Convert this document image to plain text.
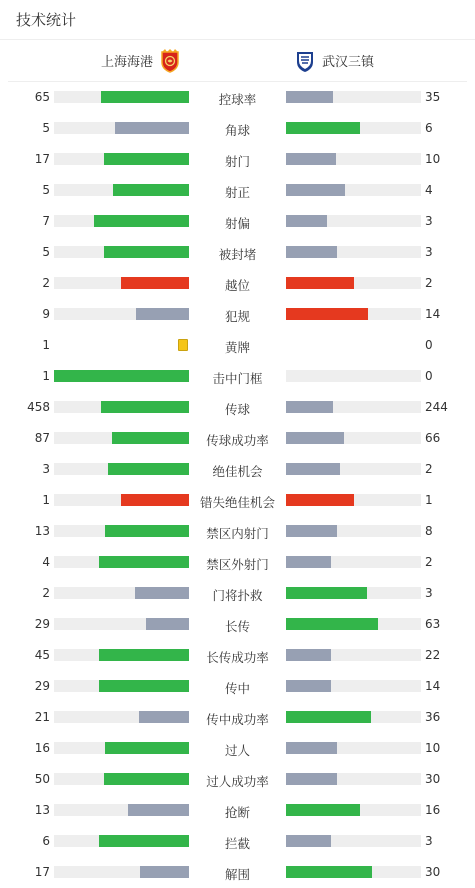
技术统计
上海海港	武汉三镇
65	控球率	35
5	角球	6
17	射门	10
5	射正	4
7	射偏	3
5	被封堵	3
2	越位	2
9	犯规	14
1	黄牌	0
1	击中门框	0
458	传球	244
87	传球成功率	66
3	绝佳机会	2
1	错失绝佳机会	1
13	禁区内射门	8
4	禁区外射门	2
2	门将扑救	3
29	长传	63
45	长传成功率	22
29	传中	14
21	传中成功率	36
16	过人	10
50	过人成功率	30
13	抢断	16
6	拦截	3
17	解围	30
